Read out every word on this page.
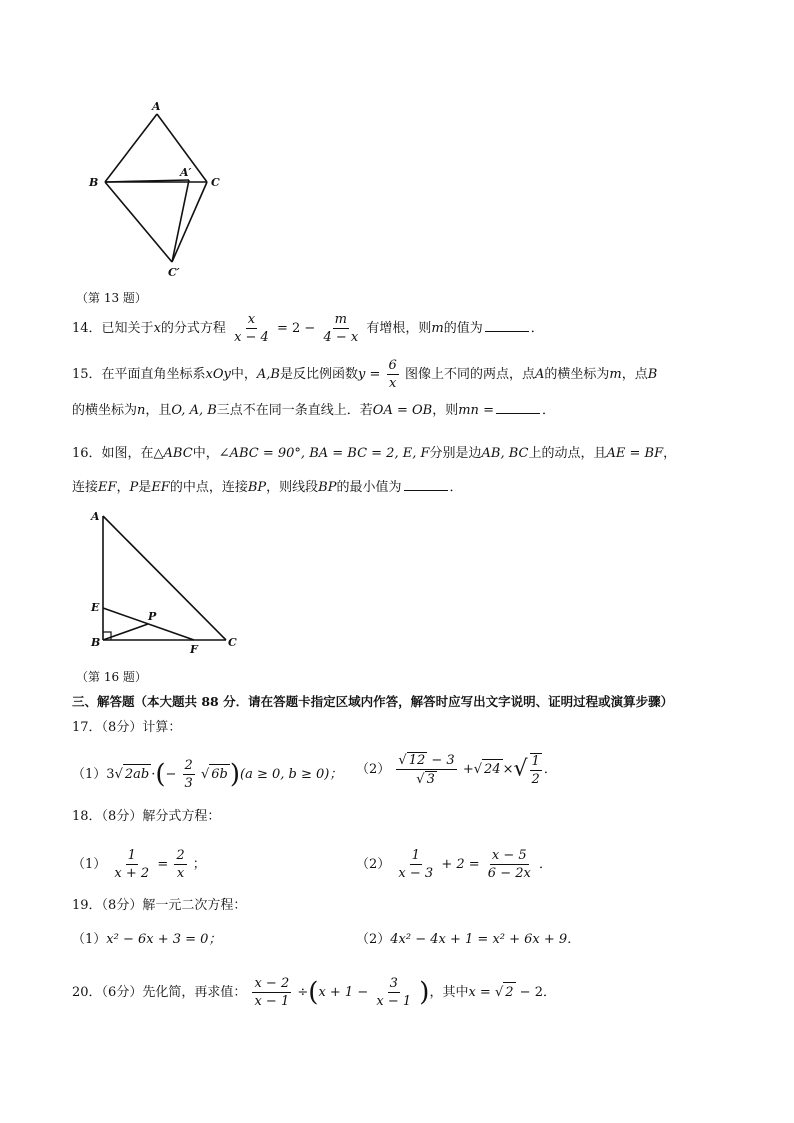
A
B	C
A′
C′
（第 13 题）
14．已知关于x的分式方程 $\frac{x}{x - 4} = 2 - \frac{m}{4 - x}$ 有增根，则m的值为	．
15．在平面直角坐标系xOy中，A,B是反比例函数$y = \frac{6}{x}$ 图像上不同的两点，点A的横坐标为m，点B
的横坐标为n，且O, A, B三点不在同一条直线上．若OA = OB，则mn =	．
16．如图，在△ABC中，∠ABC = 90°, BA = BC = 2, E, F分别是边AB, BC上的动点，且AE = BF，
连接EF，P是EF的中点，连接BP，则线段BP的最小值为	．
A
E
B
P
F
C
（第 16 题）
三、解答题（本大题共 88 分．请在答题卡指定区域内作答，解答时应写出文字说明、证明过程或演算步骤）
17．（8分）计算：
（1）3√ 2ab ·(− $\frac{2}{3}$ √ 6b)(a ≥ 0, b ≥ 0)； $(2) \frac{√ 12 - 3}{√ 3}$ +√ 24 ×√ $\frac{1}{2}$ ．
18．（8分）解分式方程：
$(1) \frac{1}{x + 2} = \frac{2}{x}$ ；	$(2) \frac{1}{x - 3} + 2 = \frac{x - 5}{6 - 2x}$ ．
19．（8分）解一元二次方程：
（1）x² − 6x + 3 = 0；	（2）4x² − 4x + 1 = x² + 6x + 9．
20．（6分）先化简，再求值： $\frac{x - 2}{x - 1} \div(x + 1 - \frac{3}{x - 1}$ )，其中x = √ 2 − 2．
